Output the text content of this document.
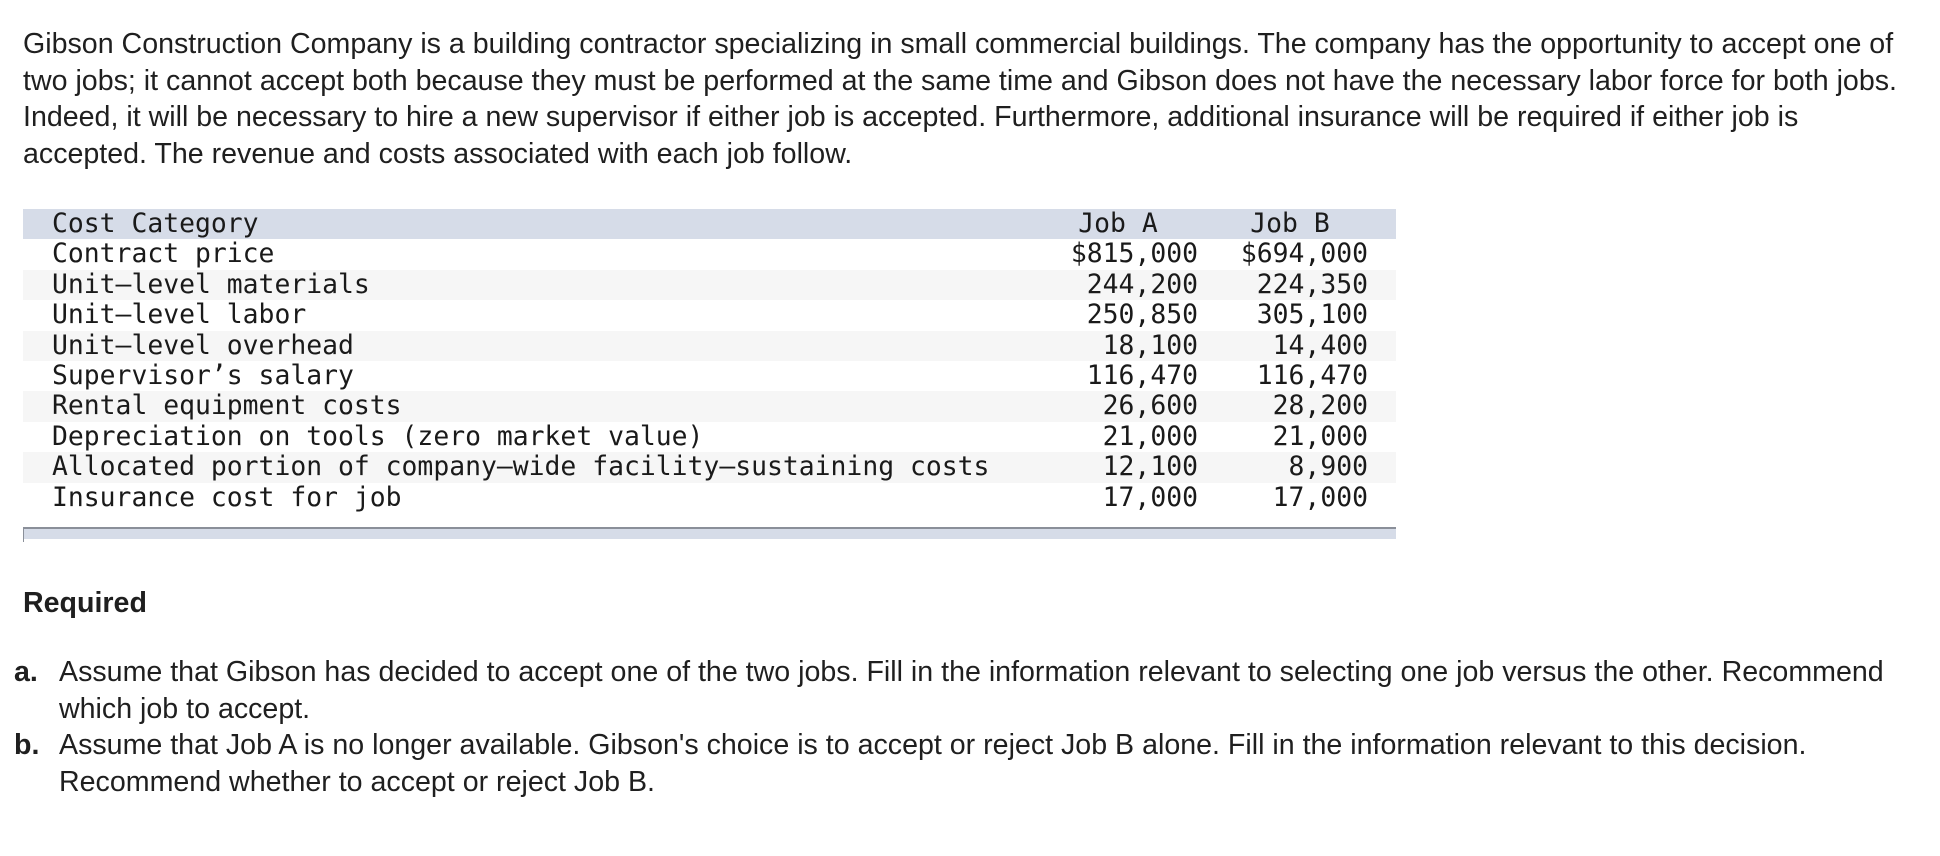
Gibson Construction Company is a building contractor specializing in small commercial buildings. The company has the opportunity to accept one of two jobs; it cannot accept both because they must be performed at the same time and Gibson does not have the necessary labor force for both jobs. Indeed, it will be necessary to hire a new supervisor if either job is accepted. Furthermore, additional insurance will be required if either job is accepted. The revenue and costs associated with each job follow.

Cost Category	Job A	Job B
Contract price	$815,000	$694,000
Unit–level materials	244,200	224,350
Unit–level labor	250,850	305,100
Unit–level overhead	18,100	14,400
Supervisor’s salary	116,470	116,470
Rental equipment costs	26,600	28,200
Depreciation on tools (zero market value)	21,000	21,000
Allocated portion of company–wide facility–sustaining costs	12,100	8,900
Insurance cost for job	17,000	17,000
Required
a. Assume that Gibson has decided to accept one of the two jobs. Fill in the information relevant to selecting one job versus the other. Recommend which job to accept.
b. Assume that Job A is no longer available. Gibson's choice is to accept or reject Job B alone. Fill in the information relevant to this decision. Recommend whether to accept or reject Job B.
